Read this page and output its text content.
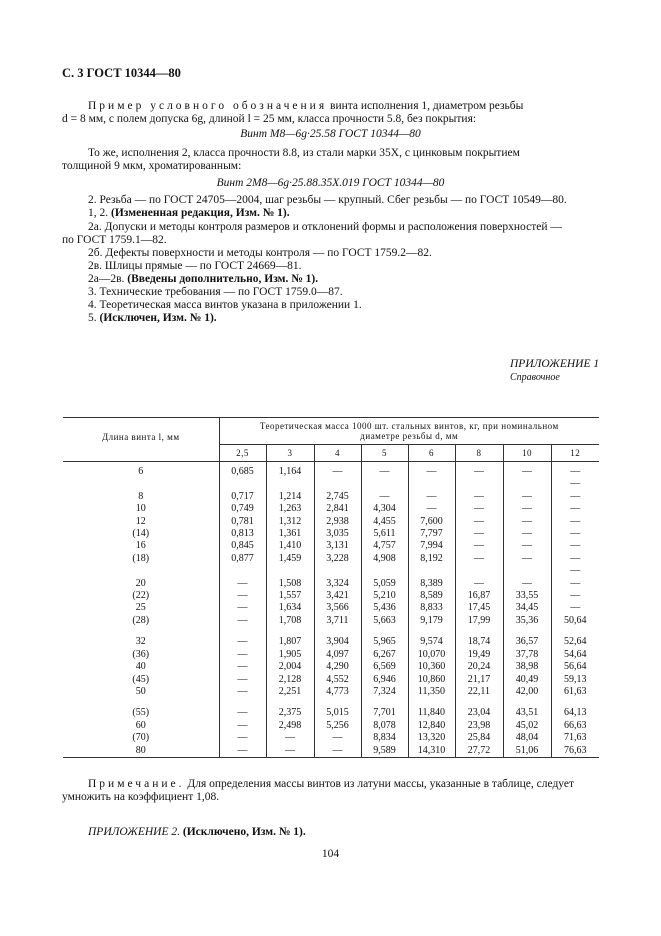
С. 3 ГОСТ 10344—80
Пример условного обозначения винта исполнения 1, диаметром резьбы
d = 8 мм, с полем допуска 6g, длиной l = 25 мм, класса прочности 5.8, без покрытия:
Винт М8—6g·25.58 ГОСТ 10344—80
То же, исполнения 2, класса прочности 8.8, из стали марки 35Х, с цинковым покрытием
толщиной 9 мкм, хроматированным:
Винт 2М8—6g·25.88.35Х.019 ГОСТ 10344—80
2. Резьба — по ГОСТ 24705—2004, шаг резьбы — крупный. Сбег резьбы — по ГОСТ 10549—80.
1, 2. (Измененная редакция, Изм. № 1).
2а. Допуски и методы контроля размеров и отклонений формы и расположения поверхностей —
по ГОСТ 1759.1—82.
2б. Дефекты поверхности и методы контроля — по ГОСТ 1759.2—82.
2в. Шлицы прямые — по ГОСТ 24669—81.
2а—2в. (Введены дополнительно, Изм. № 1).
3. Технические требования — по ГОСТ 1759.0—87.
4. Теоретическая масса винтов указана в приложении 1.
5. (Исключен, Изм. № 1).
ПРИЛОЖЕНИЕ 1
Справочное
Длина винта l, мм	Теоретическая масса 1000 шт. стальных винтов, кг, при номинальном диаметре резьбы d, мм							
	2,5	3	4	5	6	8	10	12
6	0,685	1,164	—	—	—	—	—	—
								—
8	0,717	1,214	2,745	—	—	—	—	—
10	0,749	1,263	2,841	4,304	—	—	—	—
12	0,781	1,312	2,938	4,455	7,600	—	—	—
(14)	0,813	1,361	3,035	5,611	7,797	—	—	—
16	0,845	1,410	3,131	4,757	7,994	—	—	—
(18)	0,877	1,459	3,228	4,908	8,192	—	—	—
								—
20	—	1,508	3,324	5,059	8,389	—	—	—
(22)	—	1,557	3,421	5,210	8,589	16,87	33,55	—
25	—	1,634	3,566	5,436	8,833	17,45	34,45	—
(28)	—	1,708	3,711	5,663	9,179	17,99	35,36	50,64

32	—	1,807	3,904	5,965	9,574	18,74	36,57	52,64
(36)	—	1,905	4,097	6,267	10,070	19,49	37,78	54,64
40	—	2,004	4,290	6,569	10,360	20,24	38,98	56,64
(45)	—	2,128	4,552	6,946	10,860	21,17	40,49	59,13
50	—	2,251	4,773	7,324	11,350	22,11	42,00	61,63

(55)	—	2,375	5,015	7,701	11,840	23,04	43,51	64,13
60	—	2,498	5,256	8,078	12,840	23,98	45,02	66,63
(70)	—	—	—	8,834	13,320	25,84	48,04	71,63
80	—	—	—	9,589	14,310	27,72	51,06	76,63
Примечание. Для определения массы винтов из латуни массы, указанные в таблице, следует
умножить на коэффициент 1,08.
ПРИЛОЖЕНИЕ 2. (Исключено, Изм. № 1).
104
